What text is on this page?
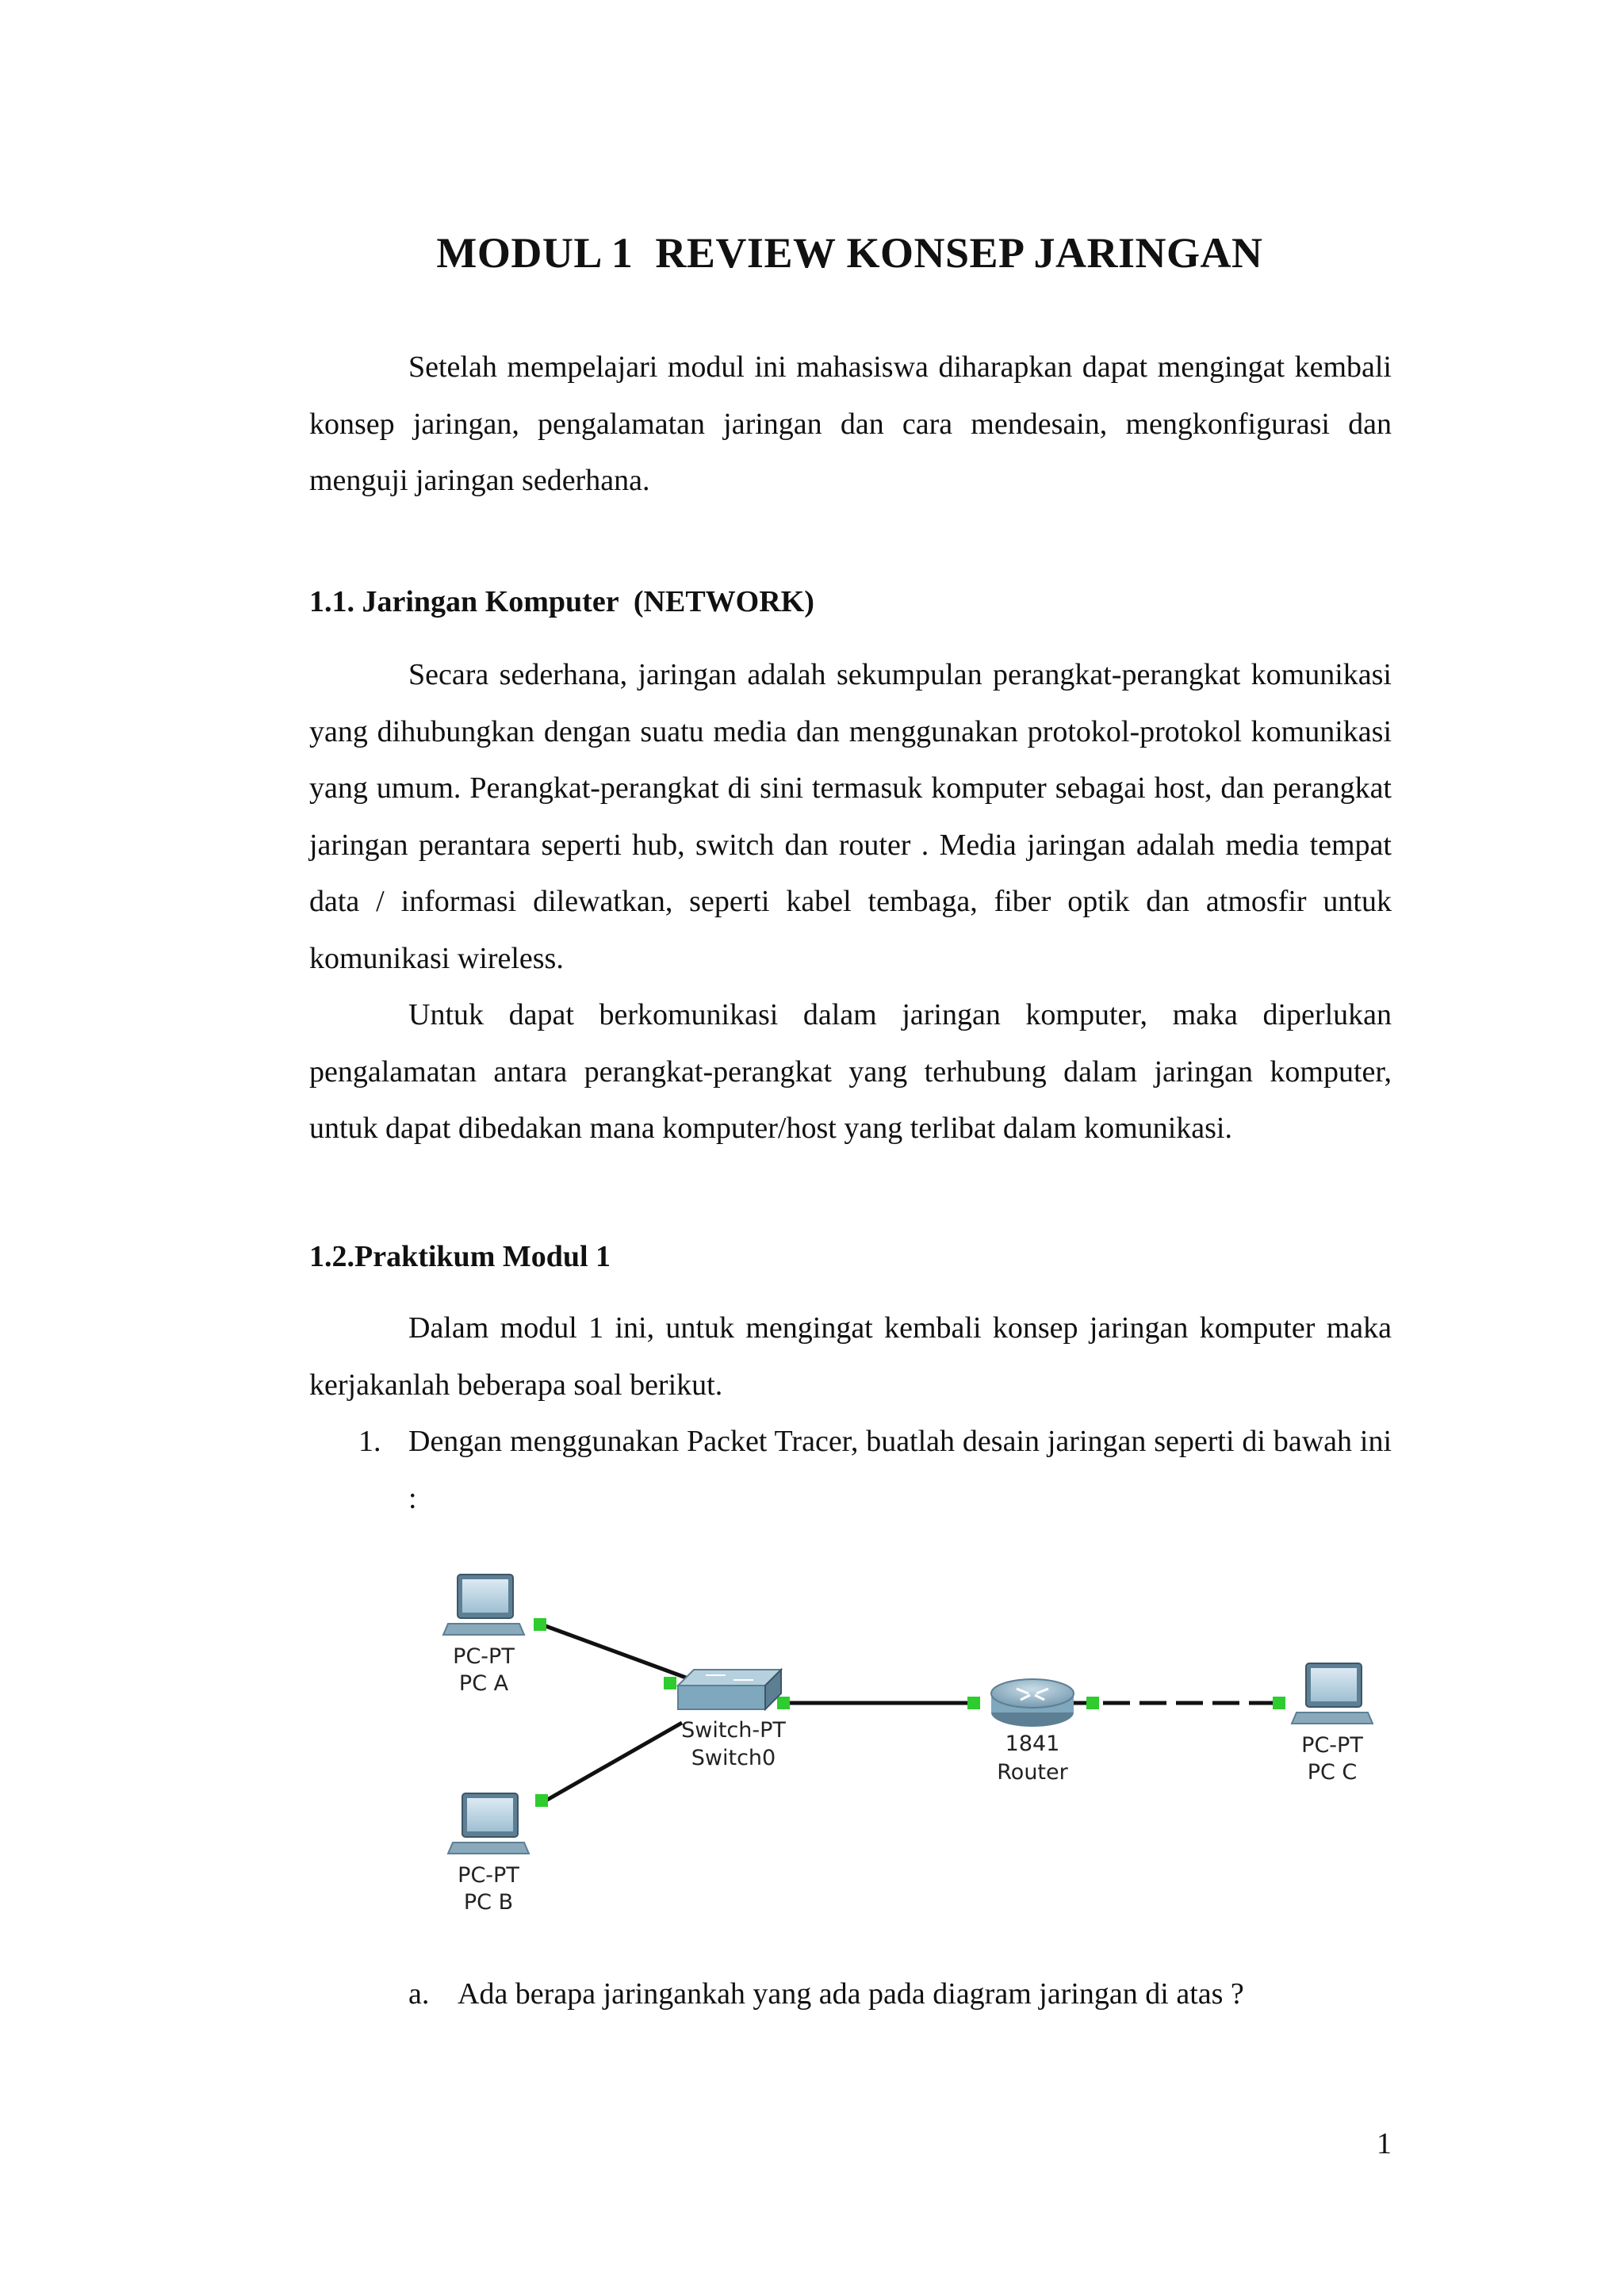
MODUL 1  REVIEW KONSEP JARINGAN

Setelah mempelajari modul ini mahasiswa diharapkan dapat mengingat kembali konsep jaringan, pengalamatan jaringan dan cara mendesain, mengkonfigurasi dan menguji jaringan sederhana.

1.1. Jaringan Komputer  (NETWORK)

Secara sederhana, jaringan adalah sekumpulan perangkat-perangkat komunikasi yang dihubungkan dengan suatu media dan menggunakan protokol-protokol komunikasi yang umum. Perangkat-perangkat di sini termasuk komputer sebagai host, dan perangkat jaringan perantara seperti hub, switch dan router . Media jaringan adalah media tempat data / informasi dilewatkan, seperti kabel tembaga, fiber optik dan atmosfir untuk komunikasi wireless.

Untuk dapat berkomunikasi dalam jaringan komputer, maka diperlukan pengalamatan antara perangkat-perangkat yang terhubung dalam jaringan komputer, untuk dapat dibedakan mana komputer/host yang terlibat dalam komunikasi.

1.2.Praktikum Modul 1

Dalam modul 1 ini, untuk mengingat kembali konsep jaringan komputer maka kerjakanlah beberapa soal berikut.

1. Dengan menggunakan Packet Tracer, buatlah desain jaringan seperti di bawah ini :
PC-PT
PC A
PC-PT
PC B
Switch-PT
Switch0
1841
Router
PC-PT
PC C
a. Ada berapa jaringankah yang ada pada diagram jaringan di atas ?
1
